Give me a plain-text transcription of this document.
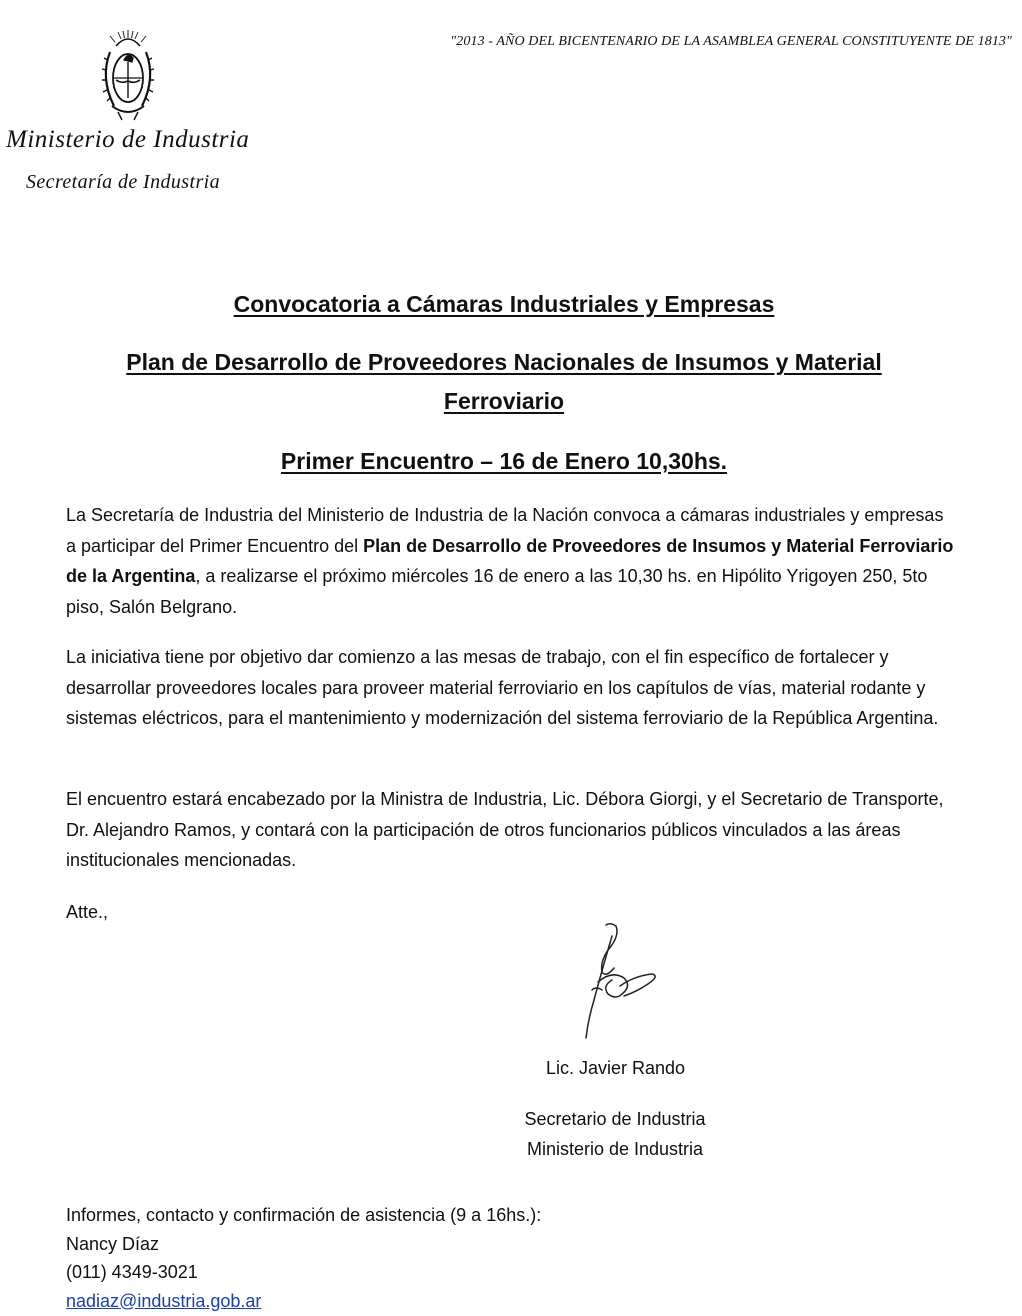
"2013 - AÑO DEL BICENTENARIO DE LA ASAMBLEA GENERAL CONSTITUYENTE DE 1813"
Ministerio de Industria
Secretaría de Industria
Convocatoria a Cámaras Industriales y Empresas
Plan de Desarrollo de Proveedores Nacionales de Insumos y Material Ferroviario
Primer Encuentro – 16 de Enero 10,30hs.
La Secretaría de Industria del Ministerio de Industria de la Nación convoca a cámaras industriales y empresas a participar del Primer Encuentro del Plan de Desarrollo de Proveedores de Insumos y Material Ferroviario de la Argentina, a realizarse el próximo miércoles 16 de enero a las 10,30 hs. en Hipólito Yrigoyen 250, 5to piso, Salón Belgrano.
La iniciativa tiene por objetivo dar comienzo a las mesas de trabajo, con el fin específico de fortalecer y desarrollar proveedores locales para proveer material ferroviario en los capítulos de vías, material rodante y sistemas eléctricos, para el mantenimiento y modernización del sistema ferroviario de la República Argentina.
El encuentro estará encabezado por la Ministra de Industria, Lic. Débora Giorgi, y el Secretario de Transporte, Dr. Alejandro Ramos, y contará con la participación de otros funcionarios públicos vinculados a las áreas institucionales mencionadas.
Atte.,
Lic. Javier Rando
Secretario de Industria
Ministerio de Industria
Informes, contacto y confirmación de asistencia (9 a 16hs.):
Nancy Díaz
(011) 4349-3021
nadiaz@industria.gob.ar
